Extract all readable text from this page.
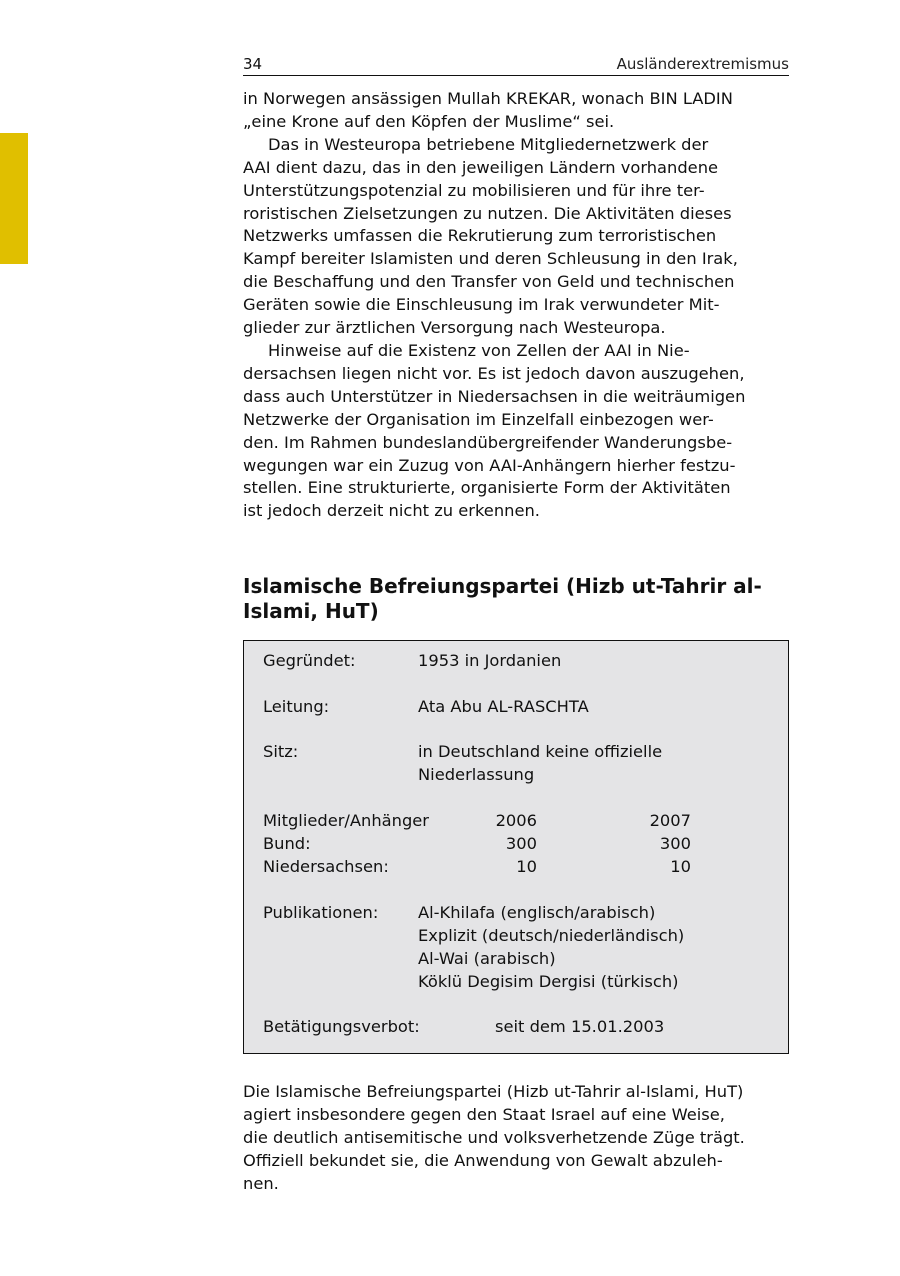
34	Ausländerextremismus

in Norwegen ansässigen Mullah KREKAR, wonach BIN LADIN
„eine Krone auf den Köpfen der Muslime“ sei.

Das in Westeuropa betriebene Mitgliedernetzwerk der
AAI dient dazu, das in den jeweiligen Ländern vorhandene
Unterstützungspotenzial zu mobilisieren und für ihre ter-
roristischen Zielsetzungen zu nutzen. Die Aktivitäten dieses
Netzwerks umfassen die Rekrutierung zum terroristischen
Kampf bereiter Islamisten und deren Schleusung in den Irak,
die Beschaffung und den Transfer von Geld und technischen
Geräten sowie die Einschleusung im Irak verwundeter Mit-
glieder zur ärztlichen Versorgung nach Westeuropa.

Hinweise auf die Existenz von Zellen der AAI in Nie-
dersachsen liegen nicht vor. Es ist jedoch davon auszugehen,
dass auch Unterstützer in Niedersachsen in die weiträumigen
Netzwerke der Organisation im Einzelfall einbezogen wer-
den. Im Rahmen bundeslandübergreifender Wanderungsbe-
wegungen war ein Zuzug von AAI-Anhängern hierher festzu-
stellen. Eine strukturierte, organisierte Form der Aktivitäten
ist jedoch derzeit nicht zu erkennen.

Islamische Befreiungspartei (Hizb ut-Tahrir al-
Islami, HuT)
Gegründet:	1953 in Jordanien
Leitung:	Ata Abu AL-RASCHTA
Sitz:	in Deutschland keine offizielle
Niederlassung
Mitglieder/Anhänger	2006	2007
Bund:	300	300
Niedersachsen:	10	10
Publikationen: Al-Khilafa (englisch/arabisch)
Explizit (deutsch/niederländisch)
Al-Wai (arabisch)
Köklü Degisim Dergisi (türkisch)
Betätigungsverbot:	seit dem 15.01.2003

Die Islamische Befreiungspartei (Hizb ut-Tahrir al-Islami, HuT)
agiert insbesondere gegen den Staat Israel auf eine Weise,
die deutlich antisemitische und volksverhetzende Züge trägt.
Offiziell bekundet sie, die Anwendung von Gewalt abzuleh-
nen.
